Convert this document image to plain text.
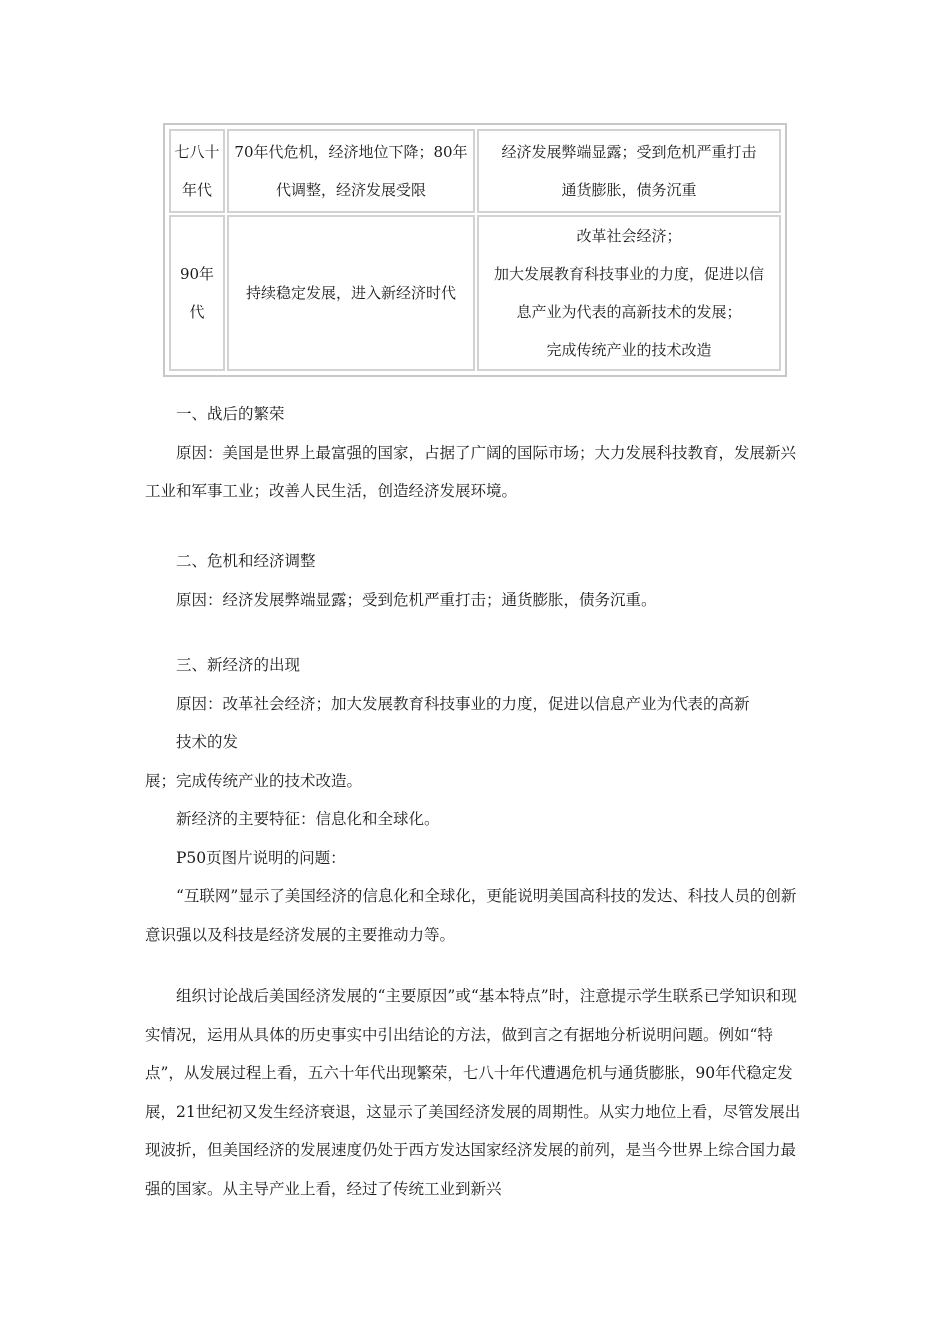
七八十年代	70年代危机，经济地位下降；80年代调整，经济发展受限	经济发展弊端显露；受到危机严重打击
通货膨胀，债务沉重

90年代	持续稳定发展，进入新经济时代	改革社会经济；
加大发展教育科技事业的力度，促进以信
息产业为代表的高新技术的发展；
完成传统产业的技术改造

一、战后的繁荣

原因：美国是世界上最富强的国家，占据了广阔的国际市场；大力发展科技教育，发展新兴工业和军事工业；改善人民生活，创造经济发展环境。

二、危机和经济调整

原因：经济发展弊端显露；受到危机严重打击；通货膨胀，债务沉重。

三、新经济的出现

原因：改革社会经济；加大发展教育科技事业的力度，促进以信息产业为代表的高新

技术的发

展；完成传统产业的技术改造。

新经济的主要特征：信息化和全球化。

P50页图片说明的问题：

“互联网”显示了美国经济的信息化和全球化，更能说明美国高科技的发达、科技人员的创新意识强以及科技是经济发展的主要推动力等。

组织讨论战后美国经济发展的“主要原因”或“基本特点”时，注意提示学生联系已学知识和现实情况，运用从具体的历史事实中引出结论的方法，做到言之有据地分析说明问题。例如“特点”，从发展过程上看，五六十年代出现繁荣，七八十年代遭遇危机与通货膨胀，90年代稳定发展，21世纪初又发生经济衰退，这显示了美国经济发展的周期性。从实力地位上看，尽管发展出现波折，但美国经济的发展速度仍处于西方发达国家经济发展的前列，是当今世界上综合国力最强的国家。从主导产业上看，经过了传统工业到新兴
